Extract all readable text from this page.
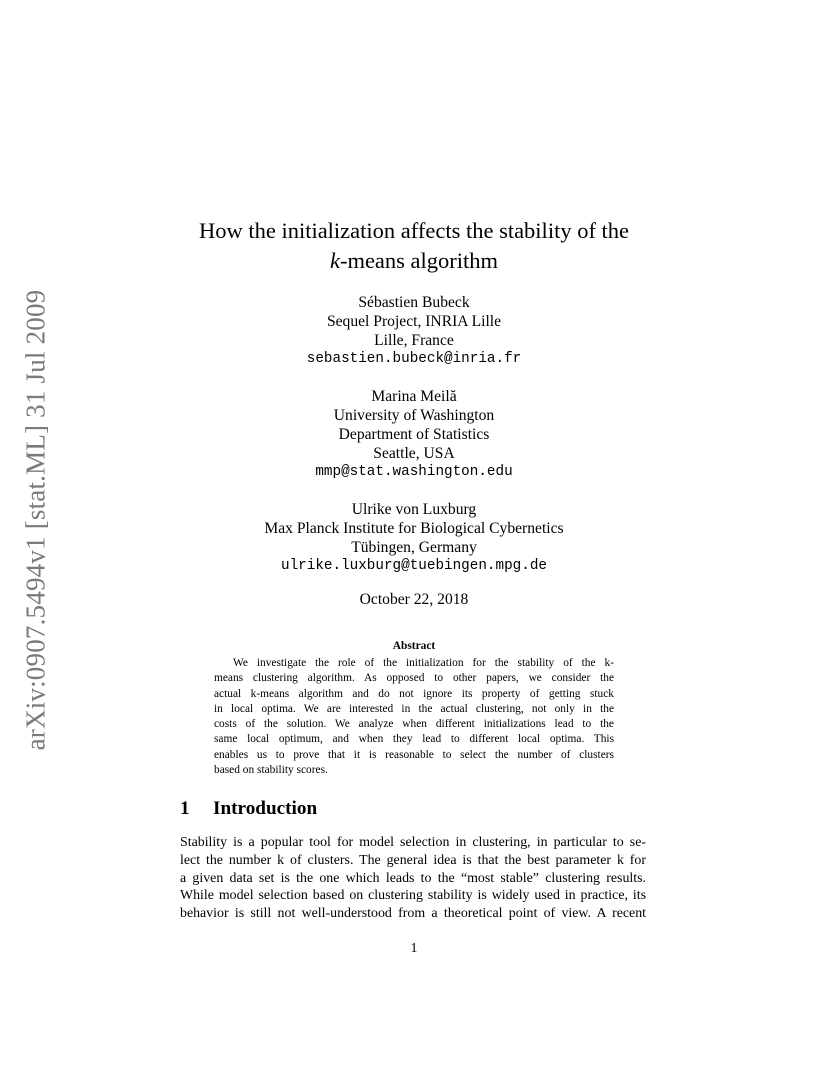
arXiv:0907.5494v1 [stat.ML] 31 Jul 2009
How the initialization affects the stability of the
k-means algorithm
Sébastien Bubeck
Sequel Project, INRIA Lille
Lille, France
sebastien.bubeck@inria.fr
Marina Meilă
University of Washington
Department of Statistics
Seattle, USA
mmp@stat.washington.edu
Ulrike von Luxburg
Max Planck Institute for Biological Cybernetics
Tübingen, Germany
ulrike.luxburg@tuebingen.mpg.de
October 22, 2018
Abstract
We investigate the role of the initialization for the stability of the k-
means clustering algorithm. As opposed to other papers, we consider the
actual k-means algorithm and do not ignore its property of getting stuck
in local optima. We are interested in the actual clustering, not only in the
costs of the solution. We analyze when different initializations lead to the
same local optimum, and when they lead to different local optima. This
enables us to prove that it is reasonable to select the number of clusters
based on stability scores.
1 Introduction
Stability is a popular tool for model selection in clustering, in particular to se-
lect the number k of clusters. The general idea is that the best parameter k for
a given data set is the one which leads to the “most stable” clustering results.
While model selection based on clustering stability is widely used in practice, its
behavior is still not well-understood from a theoretical point of view. A recent
1
